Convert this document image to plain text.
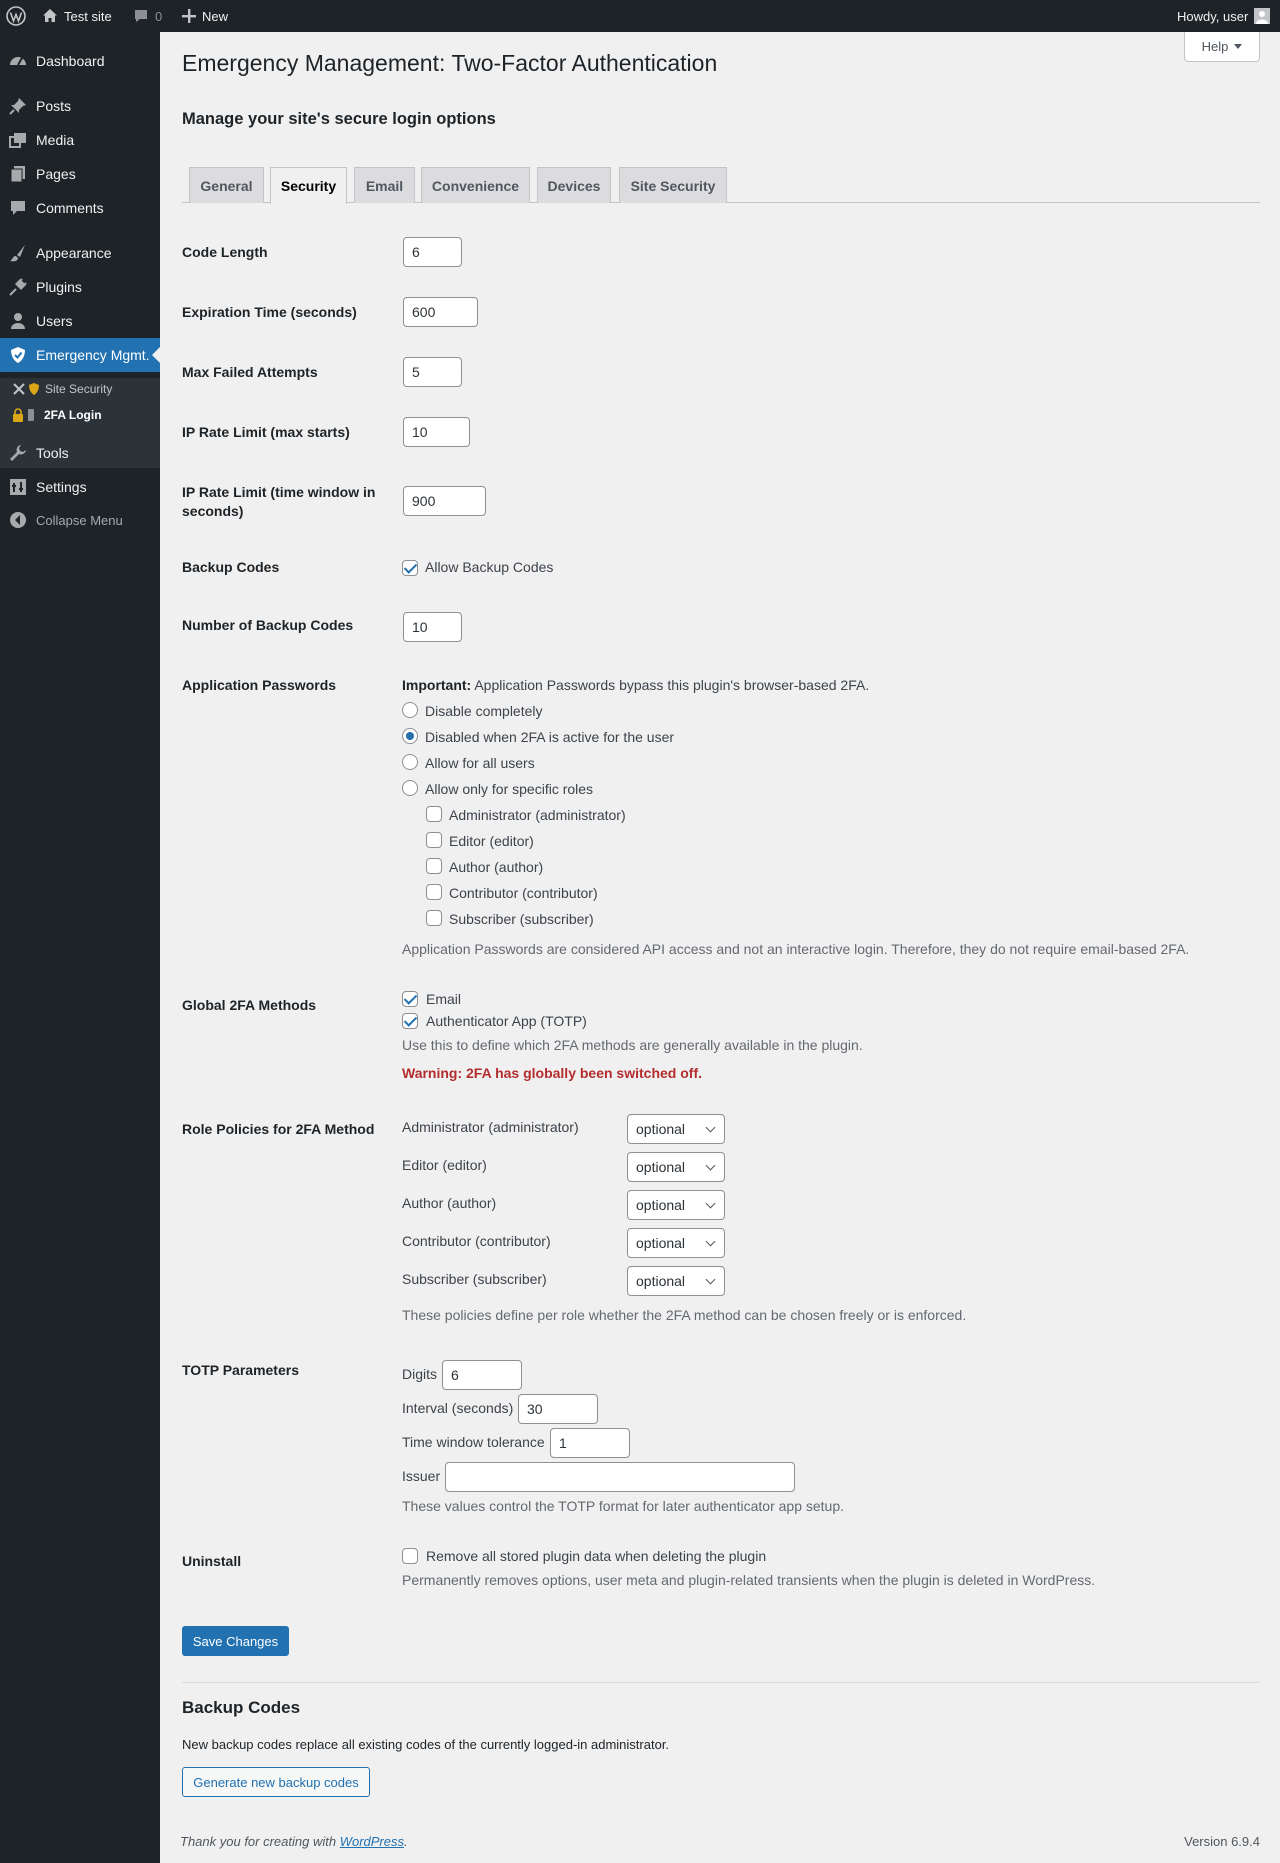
Test site	0	New	Howdy, user
Dashboard
Posts
Media
Pages
Comments
Appearance
Plugins
Users
Emergency Mgmt.
Site Security
2FA Login
Tools
Settings
Collapse Menu
Help
Emergency Management: Two-Factor Authentication
Manage your site's secure login options
General	Security	Email	Convenience	Devices	Site Security
Code Length	6
Expiration Time (seconds)	600
Max Failed Attempts	5
IP Rate Limit (max starts)	10
IP Rate Limit (time window in
seconds)
900
Backup Codes	Allow Backup Codes
Number of Backup Codes	10
Application Passwords	Important: Application Passwords bypass this plugin's browser-based 2FA.
Disable completely
Disabled when 2FA is active for the user
Allow for all users
Allow only for specific roles
Administrator (administrator)
Editor (editor)
Author (author)
Contributor (contributor)
Subscriber (subscriber)
Application Passwords are considered API access and not an interactive login. Therefore, they do not require email-based 2FA.
Global 2FA Methods	Email
Authenticator App (TOTP)
Use this to define which 2FA methods are generally available in the plugin.
Warning: 2FA has globally been switched off.
Role Policies for 2FA Method Administrator (administrator)	optional
Editor (editor)	optional
Author (author)	optional
Contributor (contributor)	optional
Subscriber (subscriber)	optional
These policies define per role whether the 2FA method can be chosen freely or is enforced.
TOTP Parameters	Digits 6
Interval (seconds) 30
Time window tolerance	1
Issuer
These values control the TOTP format for later authenticator app setup.
Uninstall	Remove all stored plugin data when deleting the plugin
Permanently removes options, user meta and plugin-related transients when the plugin is deleted in WordPress.
Save Changes
Backup Codes
New backup codes replace all existing codes of the currently logged-in administrator.
Generate new backup codes
Thank you for creating with WordPress.	Version 6.9.4
